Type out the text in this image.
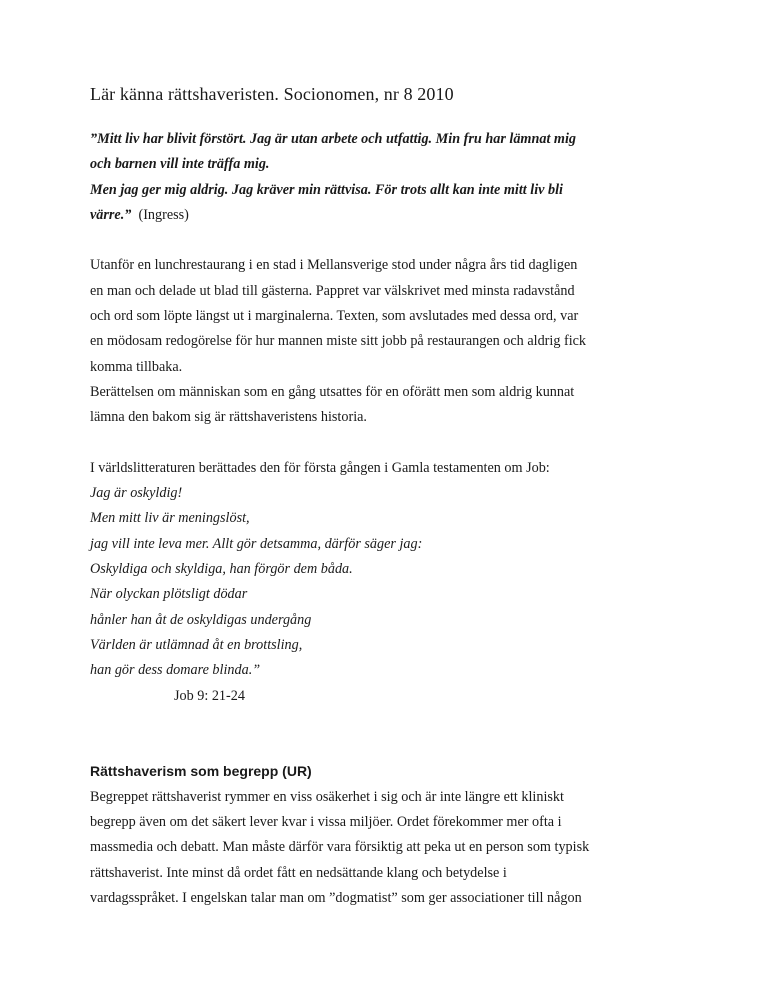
Lär känna rättshaveristen. Socionomen, nr 8 2010
”Mitt liv har blivit förstört. Jag är utan arbete och utfattig. Min fru har lämnat mig
och barnen vill inte träffa mig.
Men jag ger mig aldrig. Jag kräver min rättvisa. För trots allt kan inte mitt liv bli
värre.” (Ingress)
Utanför en lunchrestaurang i en stad i Mellansverige stod under några års tid dagligen
en man och delade ut blad till gästerna. Pappret var välskrivet med minsta radavstånd
och ord som löpte längst ut i marginalerna. Texten, som avslutades med dessa ord, var
en mödosam redogörelse för hur mannen miste sitt jobb på restaurangen och aldrig fick
komma tillbaka.
Berättelsen om människan som en gång utsattes för en oförätt men som aldrig kunnat
lämna den bakom sig är rättshaveristens historia.
I världslitteraturen berättades den för första gången i Gamla testamenten om Job:
Jag är oskyldig!
Men mitt liv är meningslöst,
jag vill inte leva mer. Allt gör detsamma, därför säger jag:
Oskyldiga och skyldiga, han förgör dem båda.
När olyckan plötsligt dödar
hånler han åt de oskyldigas undergång
Världen är utlämnad åt en brottsling,
han gör dess domare blinda.”
Job 9: 21-24
Rättshaverism som begrepp (UR)
Begreppet rättshaverist rymmer en viss osäkerhet i sig och är inte längre ett kliniskt
begrepp även om det säkert lever kvar i vissa miljöer. Ordet förekommer mer ofta i
massmedia och debatt. Man måste därför vara försiktig att peka ut en person som typisk
rättshaverist. Inte minst då ordet fått en nedsättande klang och betydelse i
vardagsspråket. I engelskan talar man om ”dogmatist” som ger associationer till någon
